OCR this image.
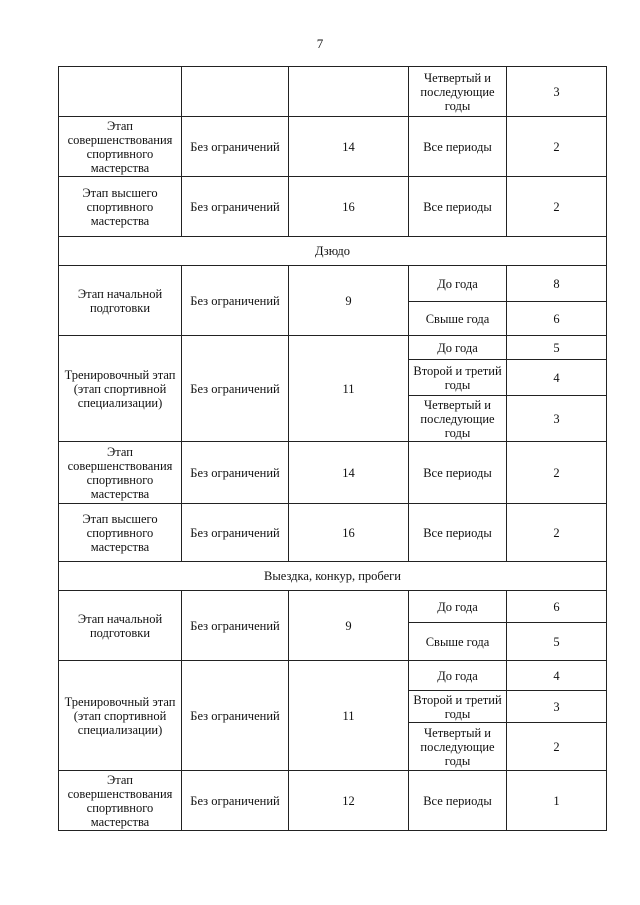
7
			Четвертый и последующие годы	3
Этап совершенствования спортивного мастерства	Без ограничений	14	Все периоды	2
Этап высшего спортивного мастерства	Без ограничений	16	Все периоды	2
Дзюдо				
Этап начальной подготовки	Без ограничений	9	До года	8
			Свыше года	6
Тренировочный этап (этап спортивной специализации)	Без ограничений	11	До года	5
			Второй и третий годы	4
			Четвертый и последующие годы	3
Этап совершенствования спортивного мастерства	Без ограничений	14	Все периоды	2
Этап высшего спортивного мастерства	Без ограничений	16	Все периоды	2
Выездка, конкур, пробеги				
Этап начальной подготовки	Без ограничений	9	До года	6
			Свыше года	5
Тренировочный этап (этап спортивной специализации)	Без ограничений	11	До года	4
			Второй и третий годы	3
			Четвертый и последующие годы	2
Этап совершенствования спортивного мастерства	Без ограничений	12	Все периоды	1
